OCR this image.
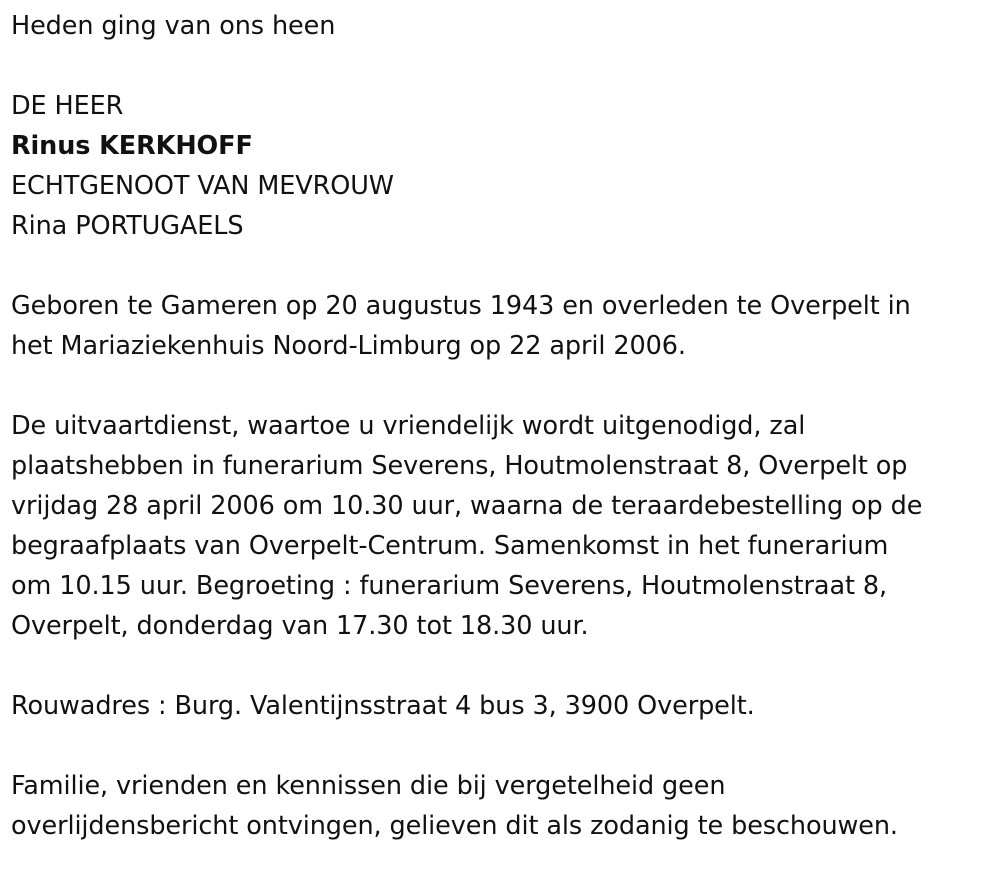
Heden ging van ons heen
DE HEER
Rinus KERKHOFF
ECHTGENOOT VAN MEVROUW
Rina PORTUGAELS
Geboren te Gameren op 20 augustus 1943 en overleden te Overpelt in
het Mariaziekenhuis Noord-Limburg op 22 april 2006.
De uitvaartdienst, waartoe u vriendelijk wordt uitgenodigd, zal
plaatshebben in funerarium Severens, Houtmolenstraat 8, Overpelt op
vrijdag 28 april 2006 om 10.30 uur, waarna de teraardebestelling op de
begraafplaats van Overpelt-Centrum. Samenkomst in het funerarium
om 10.15 uur. Begroeting : funerarium Severens, Houtmolenstraat 8,
Overpelt, donderdag van 17.30 tot 18.30 uur.
Rouwadres : Burg. Valentijnsstraat 4 bus 3, 3900 Overpelt.
Familie, vrienden en kennissen die bij vergetelheid geen
overlijdensbericht ontvingen, gelieven dit als zodanig te beschouwen.
